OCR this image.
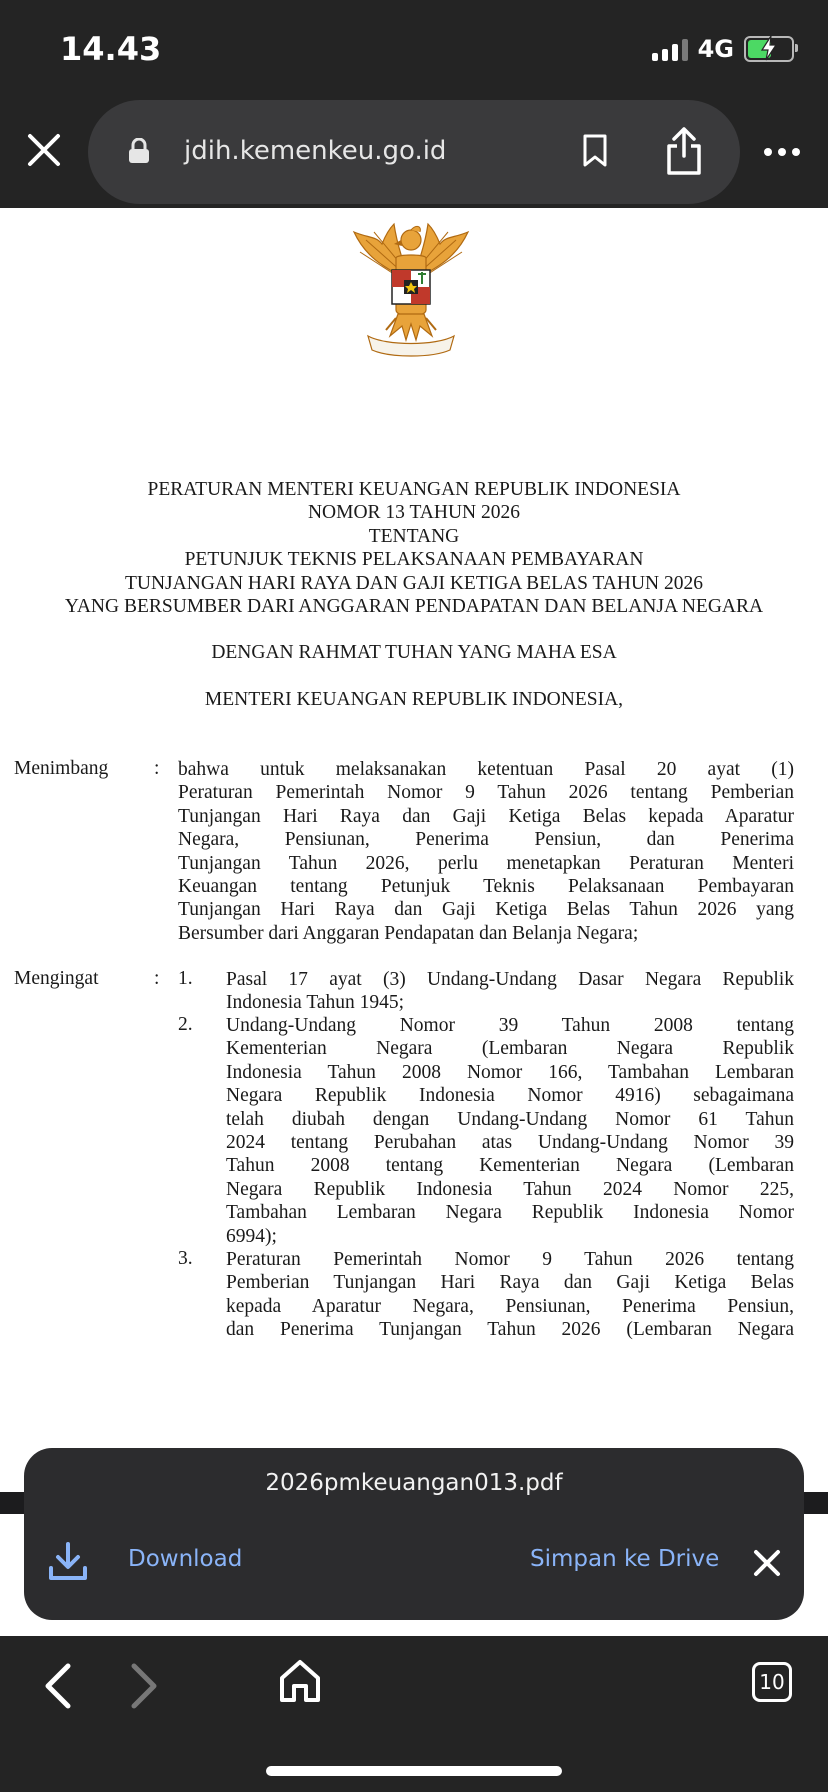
14.43	4G
jdih.kemenkeu.go.id
PERATURAN MENTERI KEUANGAN REPUBLIK INDONESIA
NOMOR 13 TAHUN 2026
TENTANG
PETUNJUK TEKNIS PELAKSANAAN PEMBAYARAN
TUNJANGAN HARI RAYA DAN GAJI KETIGA BELAS TAHUN 2026
YANG BERSUMBER DARI ANGGARAN PENDAPATAN DAN BELANJA NEGARA
DENGAN RAHMAT TUHAN YANG MAHA ESA
MENTERI KEUANGAN REPUBLIK INDONESIA,
Menimbang : bahwa untuk melaksanakan ketentuan Pasal 20 ayat (1)
Peraturan Pemerintah Nomor 9 Tahun 2026 tentang Pemberian
Tunjangan Hari Raya dan Gaji Ketiga Belas kepada Aparatur
Negara, Pensiunan, Penerima Pensiun, dan Penerima
Tunjangan Tahun 2026, perlu menetapkan Peraturan Menteri
Keuangan tentang Petunjuk Teknis Pelaksanaan Pembayaran
Tunjangan Hari Raya dan Gaji Ketiga Belas Tahun 2026 yang
Bersumber dari Anggaran Pendapatan dan Belanja Negara;
Mengingat	: 1. Pasal 17 ayat (3) Undang-Undang Dasar Negara Republik
Indonesia Tahun 1945;
2. Undang-Undang Nomor 39 Tahun 2008 tentang
Kementerian Negara (Lembaran Negara Republik
Indonesia Tahun 2008 Nomor 166, Tambahan Lembaran
Negara Republik Indonesia Nomor 4916) sebagaimana
telah diubah dengan Undang-Undang Nomor 61 Tahun
2024 tentang Perubahan atas Undang-Undang Nomor 39
Tahun 2008 tentang Kementerian Negara (Lembaran
Negara Republik Indonesia Tahun 2024 Nomor 225,
Tambahan Lembaran Negara Republik Indonesia Nomor
6994);
3. Peraturan Pemerintah Nomor 9 Tahun 2026 tentang
Pemberian Tunjangan Hari Raya dan Gaji Ketiga Belas
kepada Aparatur Negara, Pensiunan, Penerima Pensiun,
dan Penerima Tunjangan Tahun 2026 (Lembaran Negara
2026pmkeuangan013.pdf
Download	Simpan ke Drive
10
